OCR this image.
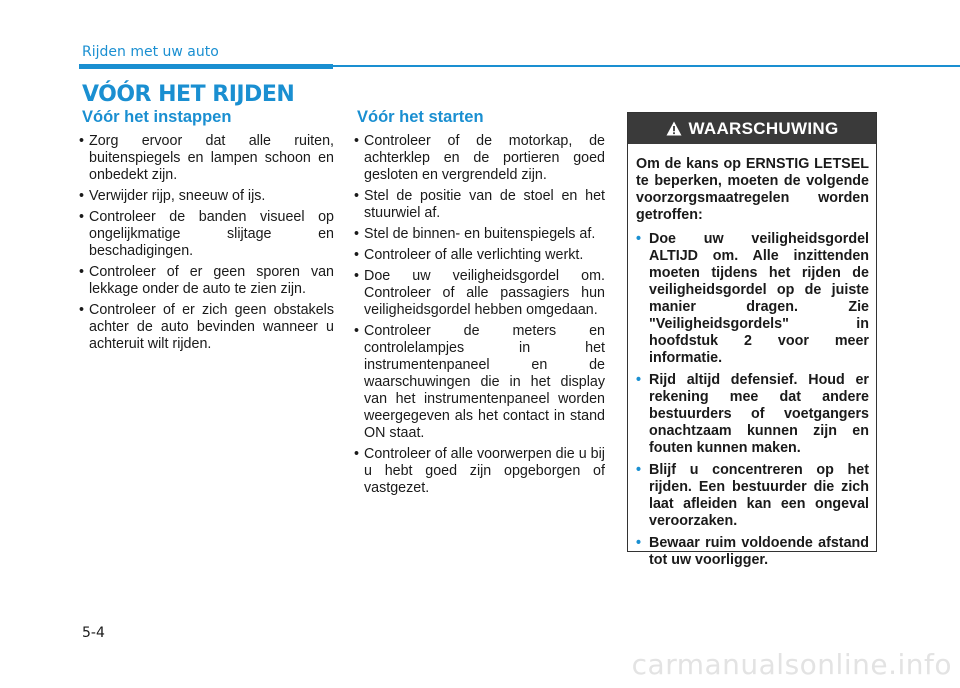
Rijden met uw auto
VÓÓR HET RIJDEN
Vóór het instappen
• Zorg ervoor dat alle ruiten, buitenspiegels en lampen schoon en onbedekt zijn.
• Verwijder rijp, sneeuw of ijs.
• Controleer de banden visueel op ongelijkmatige slijtage en beschadigingen.
• Controleer of er geen sporen van lekkage onder de auto te zien zijn.
• Controleer of er zich geen obstakels achter de auto bevinden wanneer u achteruit wilt rijden.
Vóór het starten
• Controleer of de motorkap, de achterklep en de portieren goed gesloten en vergrendeld zijn.
• Stel de positie van de stoel en het stuurwiel af.
• Stel de binnen- en buitenspiegels af.
• Controleer of alle verlichting werkt.
• Doe uw veiligheidsgordel om. Controleer of alle passagiers hun veiligheidsgordel hebben omgedaan.
• Controleer de meters en controlelampjes in het instrumentenpaneel en de waarschuwingen die in het display van het instrumentenpaneel worden weergegeven als het contact in stand ON staat.
• Controleer of alle voorwerpen die u bij u hebt goed zijn opgeborgen of vastgezet.
WAARSCHUWING

Om de kans op ERNSTIG LETSEL te beperken, moeten de volgende voorzorgsmaatregelen worden getroffen:

• Doe uw veiligheidsgordel ALTIJD om. Alle inzittenden moeten tijdens het rijden de veiligheidsgordel op de juiste manier dragen. Zie "Veiligheidsgordels" in hoofdstuk 2 voor meer informatie.
• Rijd altijd defensief. Houd er rekening mee dat andere bestuurders of voetgangers onachtzaam kunnen zijn en fouten kunnen maken.
• Blijf u concentreren op het rijden. Een bestuurder die zich laat afleiden kan een ongeval veroorzaken.
• Bewaar ruim voldoende afstand tot uw voorligger.
5-4
carmanualsonline.info
